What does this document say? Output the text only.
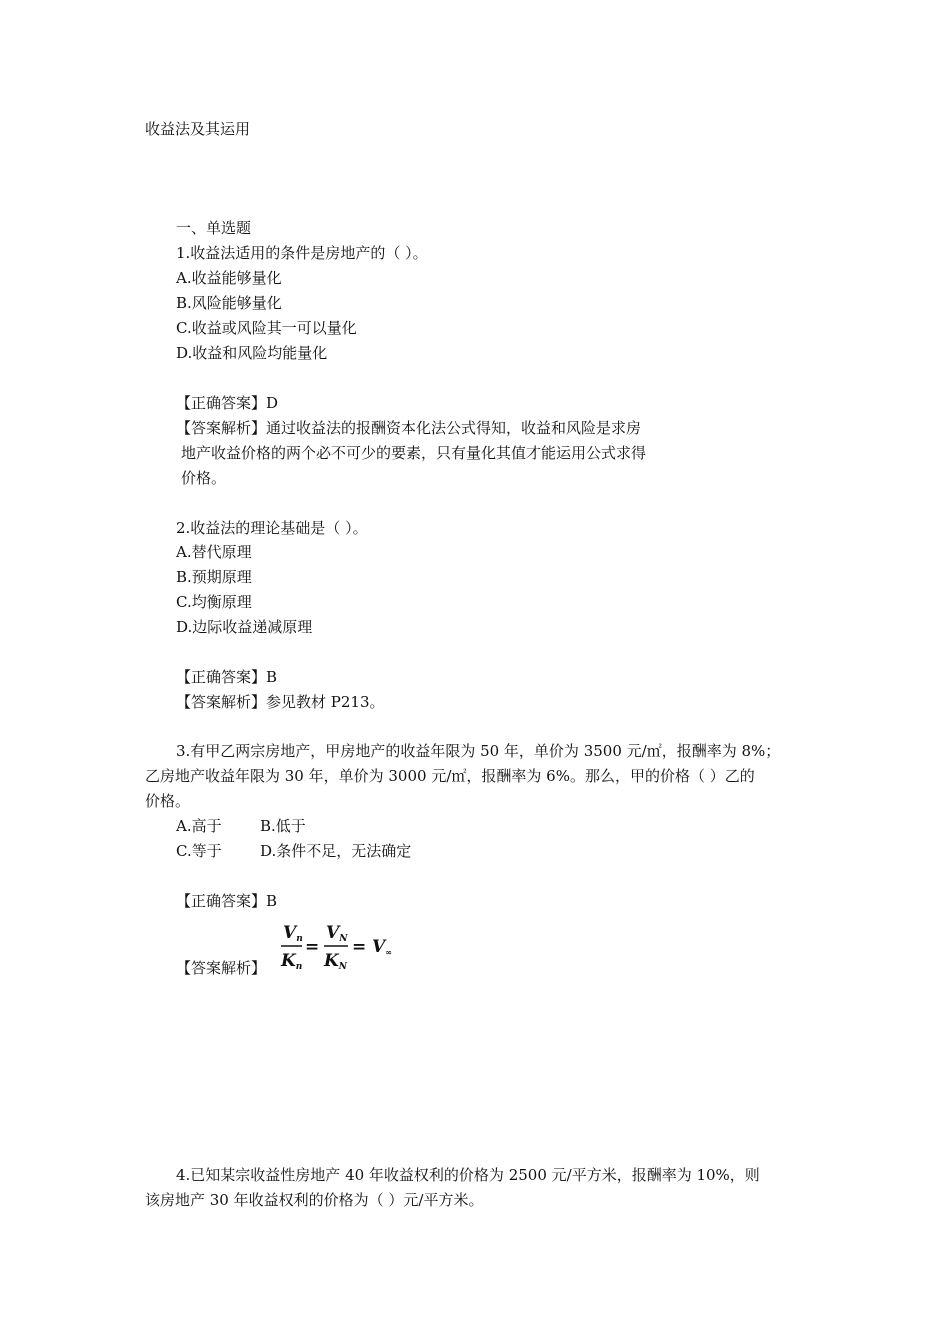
收益法及其运用
一、单选题
1.收益法适用的条件是房地产的（ ）。
A.收益能够量化
B.风险能够量化
C.收益或风险其一可以量化
D.收益和风险均能量化
【正确答案】D
【答案解析】通过收益法的报酬资本化法公式得知，收益和风险是求房
地产收益价格的两个必不可少的要素，只有量化其值才能运用公式求得
价格。
2.收益法的理论基础是（ ）。
A.替代原理
B.预期原理
C.均衡原理
D.边际收益递减原理
【正确答案】B
【答案解析】参见教材 P213。
3.有甲乙两宗房地产，甲房地产的收益年限为 50 年，单价为 3500 元/㎡，报酬率为 8%；
乙房地产收益年限为 30 年，单价为 3000 元/㎡，报酬率为 6%。那么，甲的价格（ ）乙的
价格。
A.高于	B.低于
C.等于	D.条件不足，无法确定
【正确答案】B
【答案解析】
Vn
Kn
=
VN
KN
= V∞
4.已知某宗收益性房地产 40 年收益权利的价格为 2500 元/平方米，报酬率为 10%，则
该房地产 30 年收益权利的价格为（ ）元/平方米。
